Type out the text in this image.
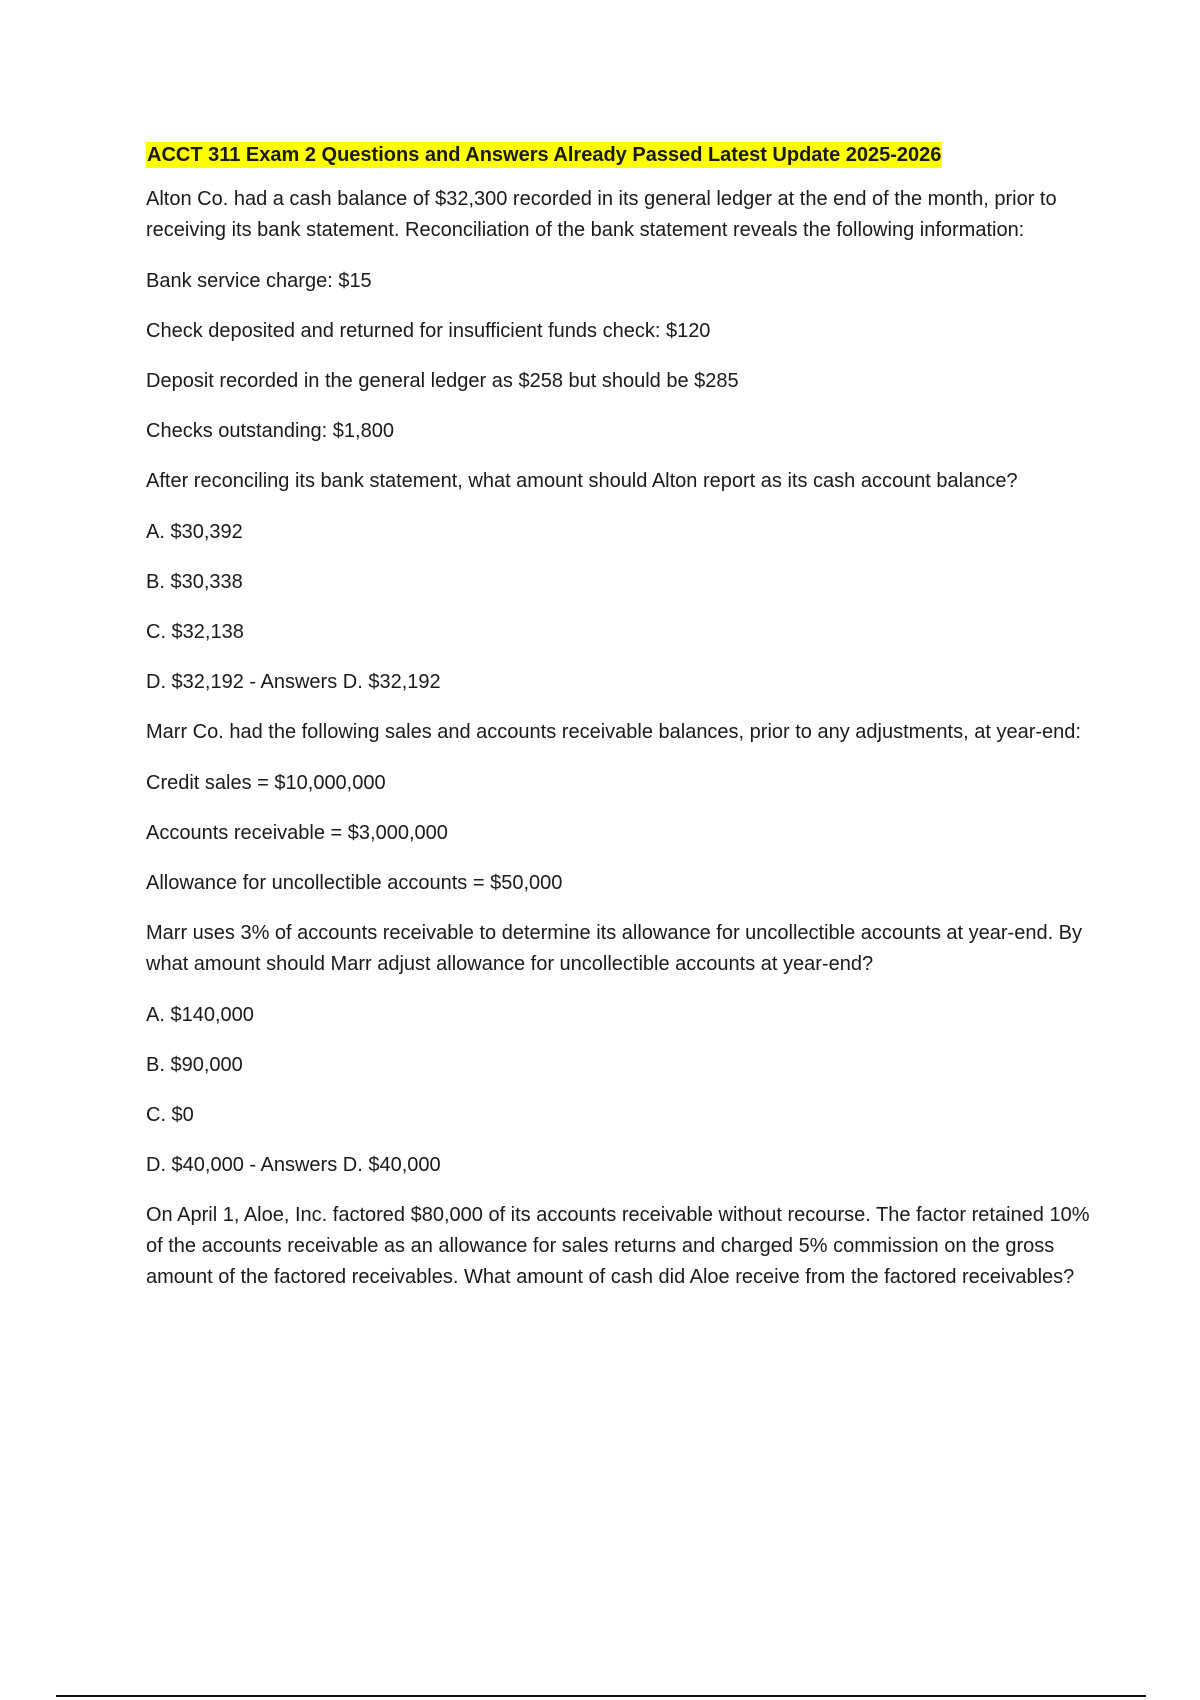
ACCT 311 Exam 2 Questions and Answers Already Passed Latest Update 2025-2026

Alton Co. had a cash balance of $32,300 recorded in its general ledger at the end of the month, prior to receiving its bank statement. Reconciliation of the bank statement reveals the following information:

Bank service charge: $15

Check deposited and returned for insufficient funds check: $120

Deposit recorded in the general ledger as $258 but should be $285

Checks outstanding: $1,800

After reconciling its bank statement, what amount should Alton report as its cash account balance?

A. $30,392

B. $30,338

C. $32,138

D. $32,192 - Answers D. $32,192

Marr Co. had the following sales and accounts receivable balances, prior to any adjustments, at year-end:

Credit sales = $10,000,000

Accounts receivable = $3,000,000

Allowance for uncollectible accounts = $50,000

Marr uses 3% of accounts receivable to determine its allowance for uncollectible accounts at year-end. By what amount should Marr adjust allowance for uncollectible accounts at year-end?

A. $140,000

B. $90,000

C. $0

D. $40,000 - Answers D. $40,000

On April 1, Aloe, Inc. factored $80,000 of its accounts receivable without recourse. The factor retained 10% of the accounts receivable as an allowance for sales returns and charged 5% commission on the gross amount of the factored receivables. What amount of cash did Aloe receive from the factored receivables?
